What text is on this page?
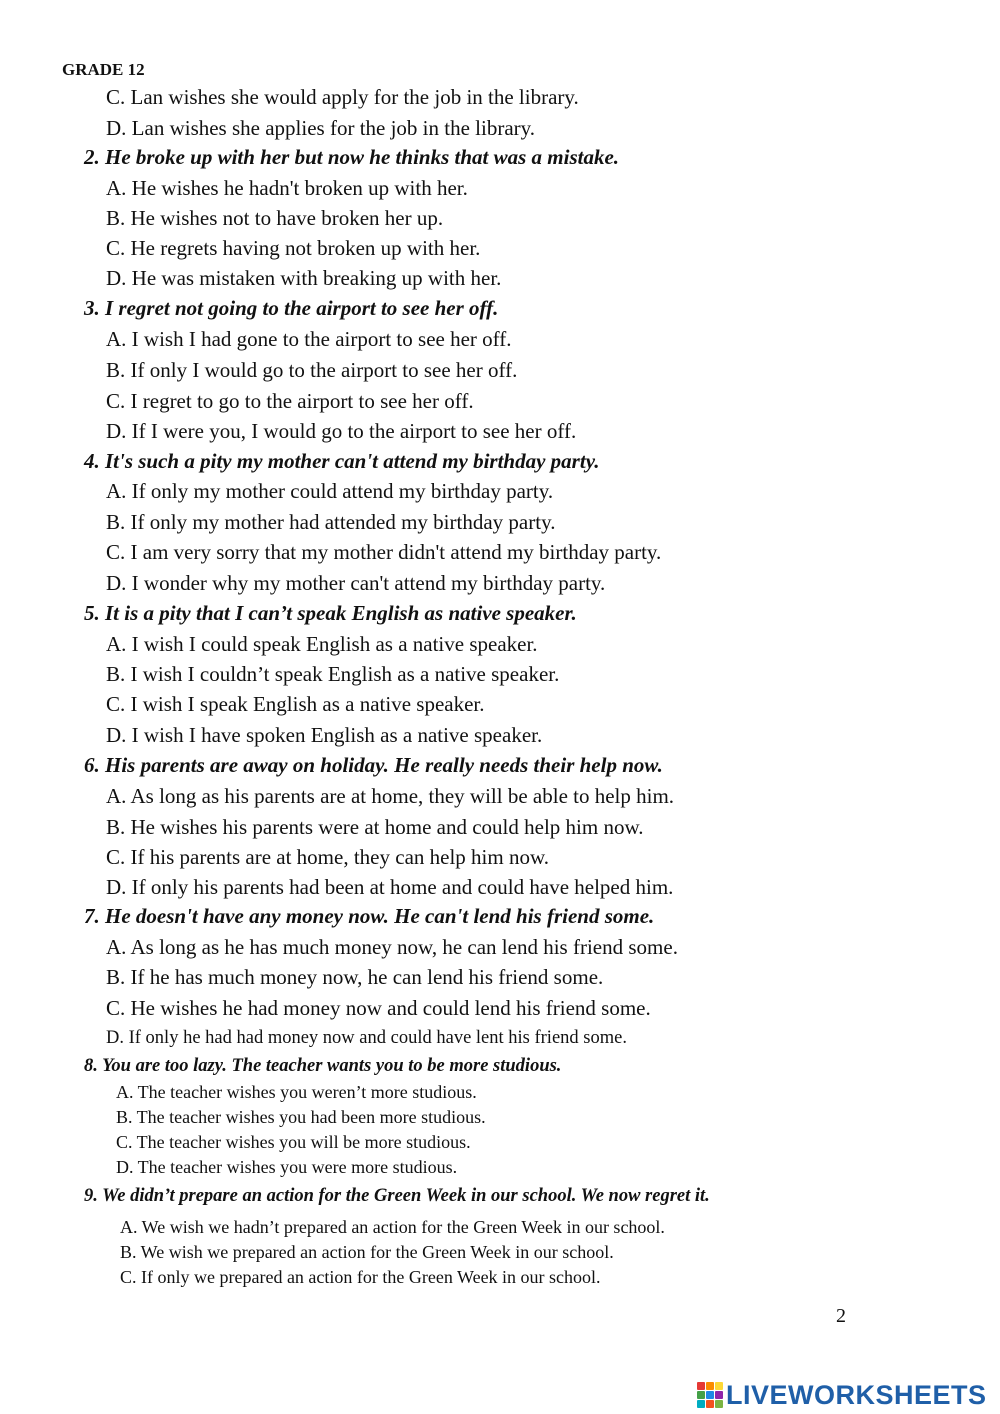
GRADE 12
C. Lan wishes she would apply for the job in the library.
D. Lan wishes she applies for the job in the library.
2. He broke up with her but now he thinks that was a mistake.
A. He wishes he hadn't broken up with her.
B. He wishes not to have broken her up.
C. He regrets having not broken up with her.
D. He was mistaken with breaking up with her.
3. I regret not going to the airport to see her off.
A. I wish I had gone to the airport to see her off.
B. If only I would go to the airport to see her off.
C. I regret to go to the airport to see her off.
D. If I were you, I would go to the airport to see her off.
4. It's such a pity my mother can't attend my birthday party.
A. If only my mother could attend my birthday party.
B. If only my mother had attended my birthday party.
C. I am very sorry that my mother didn't attend my birthday party.
D. I wonder why my mother can't attend my birthday party.
5. It is a pity that I can’t speak English as native speaker.
A. I wish I could speak English as a native speaker.
B. I wish I couldn’t speak English as a native speaker.
C. I wish I speak English as a native speaker.
D. I wish I have spoken English as a native speaker.
6. His parents are away on holiday. He really needs their help now.
A. As long as his parents are at home, they will be able to help him.
B. He wishes his parents were at home and could help him now.
C. If his parents are at home, they can help him now.
D. If only his parents had been at home and could have helped him.
7. He doesn't have any money now. He can't lend his friend some.
A. As long as he has much money now, he can lend his friend some.
B. If he has much money now, he can lend his friend some.
C. He wishes he had money now and could lend his friend some.
D. If only he had had money now and could have lent his friend some.
8. You are too lazy. The teacher wants you to be more studious.
A. The teacher wishes you weren’t more studious.
B. The teacher wishes you had been more studious.
C. The teacher wishes you will be more studious.
D. The teacher wishes you were more studious.
9. We didn’t prepare an action for the Green Week in our school. We now regret it.
A. We wish we hadn’t prepared an action for the Green Week in our school.
B. We wish we prepared an action for the Green Week in our school.
C. If only we prepared an action for the Green Week in our school.
2
LIVEWORKSHEETS
